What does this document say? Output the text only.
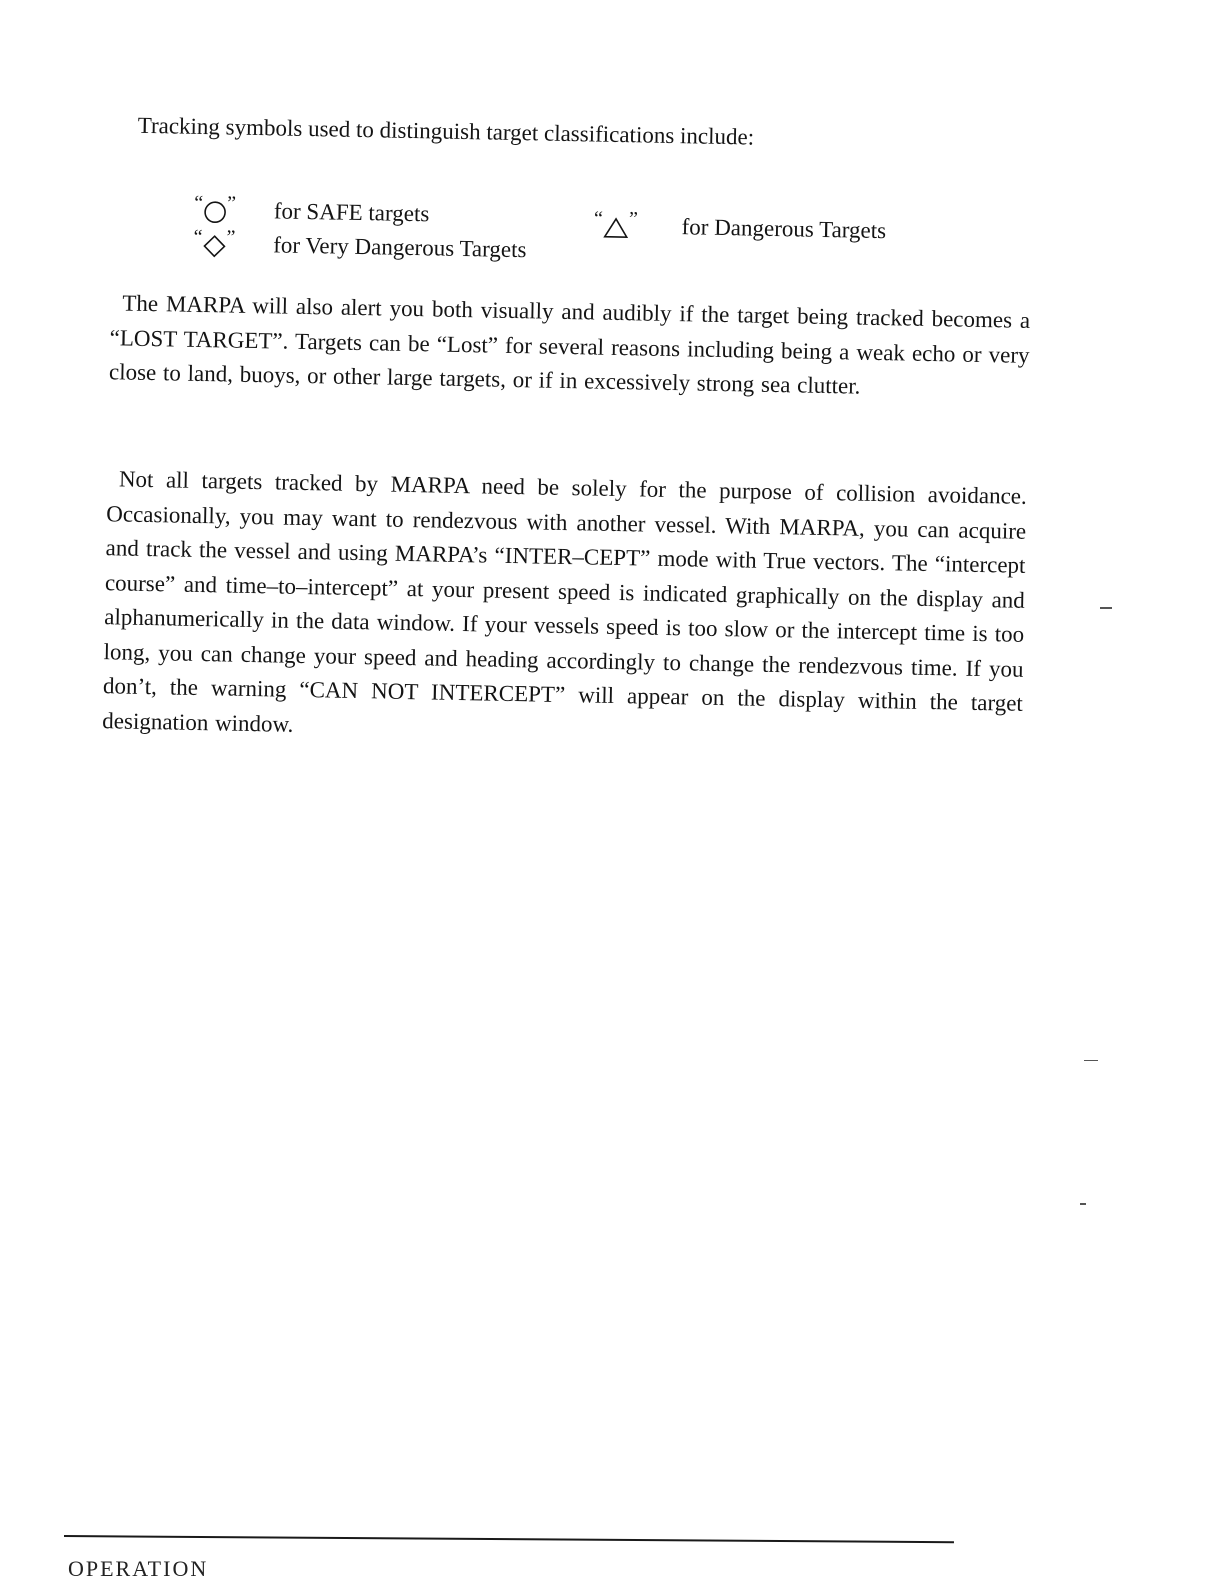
Tracking symbols used to distinguish target classifications include:
“ ” for SAFE targets	“ ” for Dangerous Targets
“ ” for Very Dangerous Targets

The MARPA will also alert you both visually and audibly if the target being tracked becomes a “LOST TARGET”. Targets can be “Lost” for several reasons including being a weak echo or very close to land, buoys, or other large targets, or if in excessively strong sea clutter.

Not all targets tracked by MARPA need be solely for the purpose of collision avoidance. Occasionally, you may want to rendezvous with another vessel. With MARPA, you can acquire and track the vessel and using MARPA’s “INTER–CEPT” mode with True vectors. The “intercept course” and time–to–intercept” at your present speed is indicated graphically on the display and alphanumerically in the data window. If your vessels speed is too slow or the intercept time is too long, you can change your speed and heading accordingly to change the rendezvous time. If you don’t, the warning “CAN NOT INTERCEPT” will appear on the display within the target designation window.

OPERATION
